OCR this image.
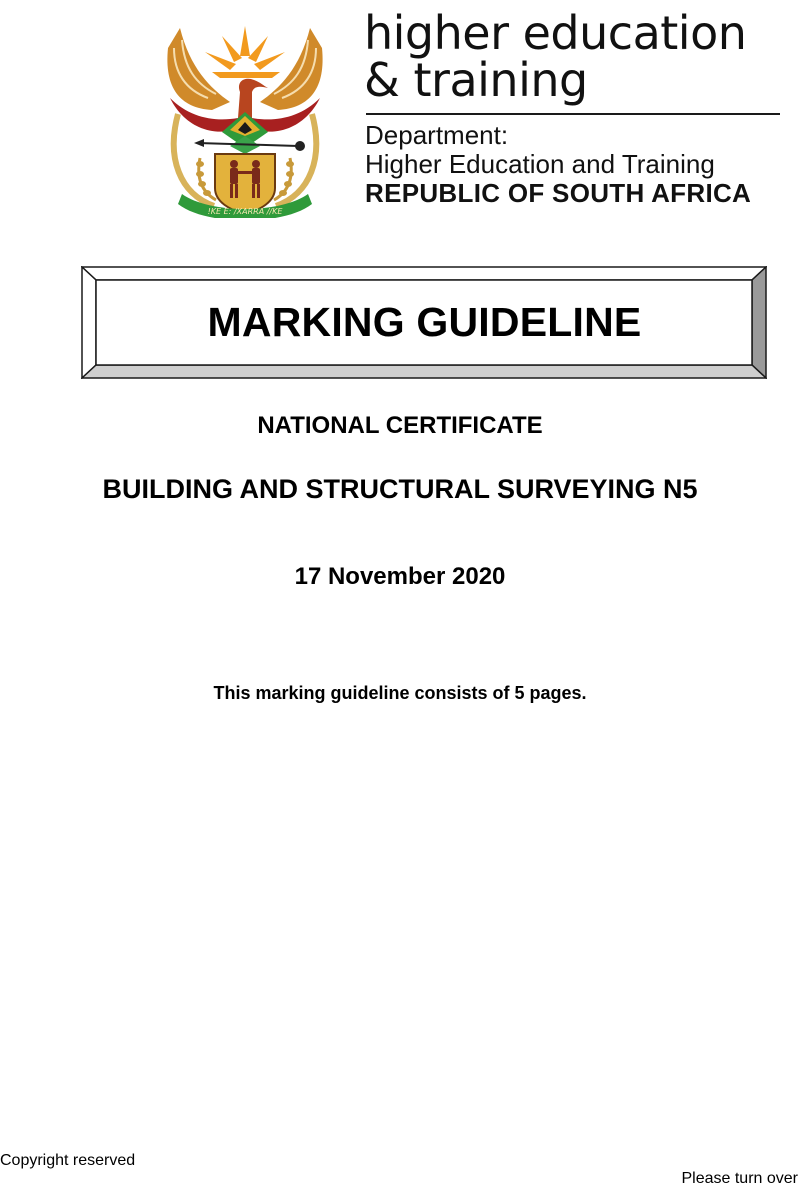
!KE E: /XARRA //KE
higher education
& training
Department:
Higher Education and Training
REPUBLIC OF SOUTH AFRICA
MARKING GUIDELINE
NATIONAL CERTIFICATE
BUILDING AND STRUCTURAL SURVEYING N5
17 November 2020
This marking guideline consists of 5 pages.
Copyright reserved
Please turn over
